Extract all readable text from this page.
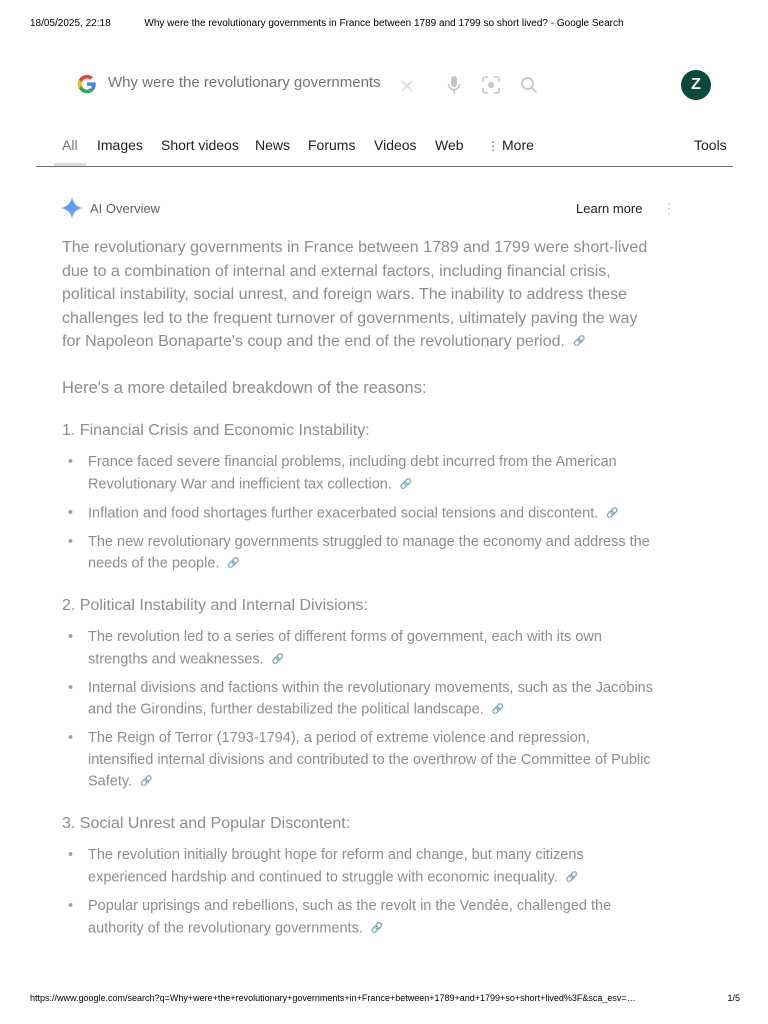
18/05/2025, 22:18	Why were the revolutionary governments in France between 1789 and 1799 so short lived? - Google Search
Why were the revolutionary governments	Z
All Images Short videos News Forums Videos Web ⋮ More	Tools
AI Overview	Learn more ⋮

The revolutionary governments in France between 1789 and 1799 were short-lived due to a combination of internal and external factors, including financial crisis, political instability, social unrest, and foreign wars. The inability to address these challenges led to the frequent turnover of governments, ultimately paving the way for Napoleon Bonaparte's coup and the end of the revolutionary period. 🔗

Here's a more detailed breakdown of the reasons:

1. Financial Crisis and Economic Instability:

• France faced severe financial problems, including debt incurred from the American Revolutionary War and inefficient tax collection. 🔗
• Inflation and food shortages further exacerbated social tensions and discontent. 🔗
• The new revolutionary governments struggled to manage the economy and address the needs of the people. 🔗

2. Political Instability and Internal Divisions:

• The revolution led to a series of different forms of government, each with its own strengths and weaknesses. 🔗
• Internal divisions and factions within the revolutionary movements, such as the Jacobins and the Girondins, further destabilized the political landscape. 🔗
• The Reign of Terror (1793-1794), a period of extreme violence and repression, intensified internal divisions and contributed to the overthrow of the Committee of Public Safety. 🔗

3. Social Unrest and Popular Discontent:

• The revolution initially brought hope for reform and change, but many citizens experienced hardship and continued to struggle with economic inequality. 🔗
• Popular uprisings and rebellions, such as the revolt in the Vendée, challenged the authority of the revolutionary governments. 🔗
https://www.google.com/search?q=Why+were+the+revolutionary+governments+in+France+between+1789+and+1799+so+short+lived%3F&sca_esv=…	1/5
